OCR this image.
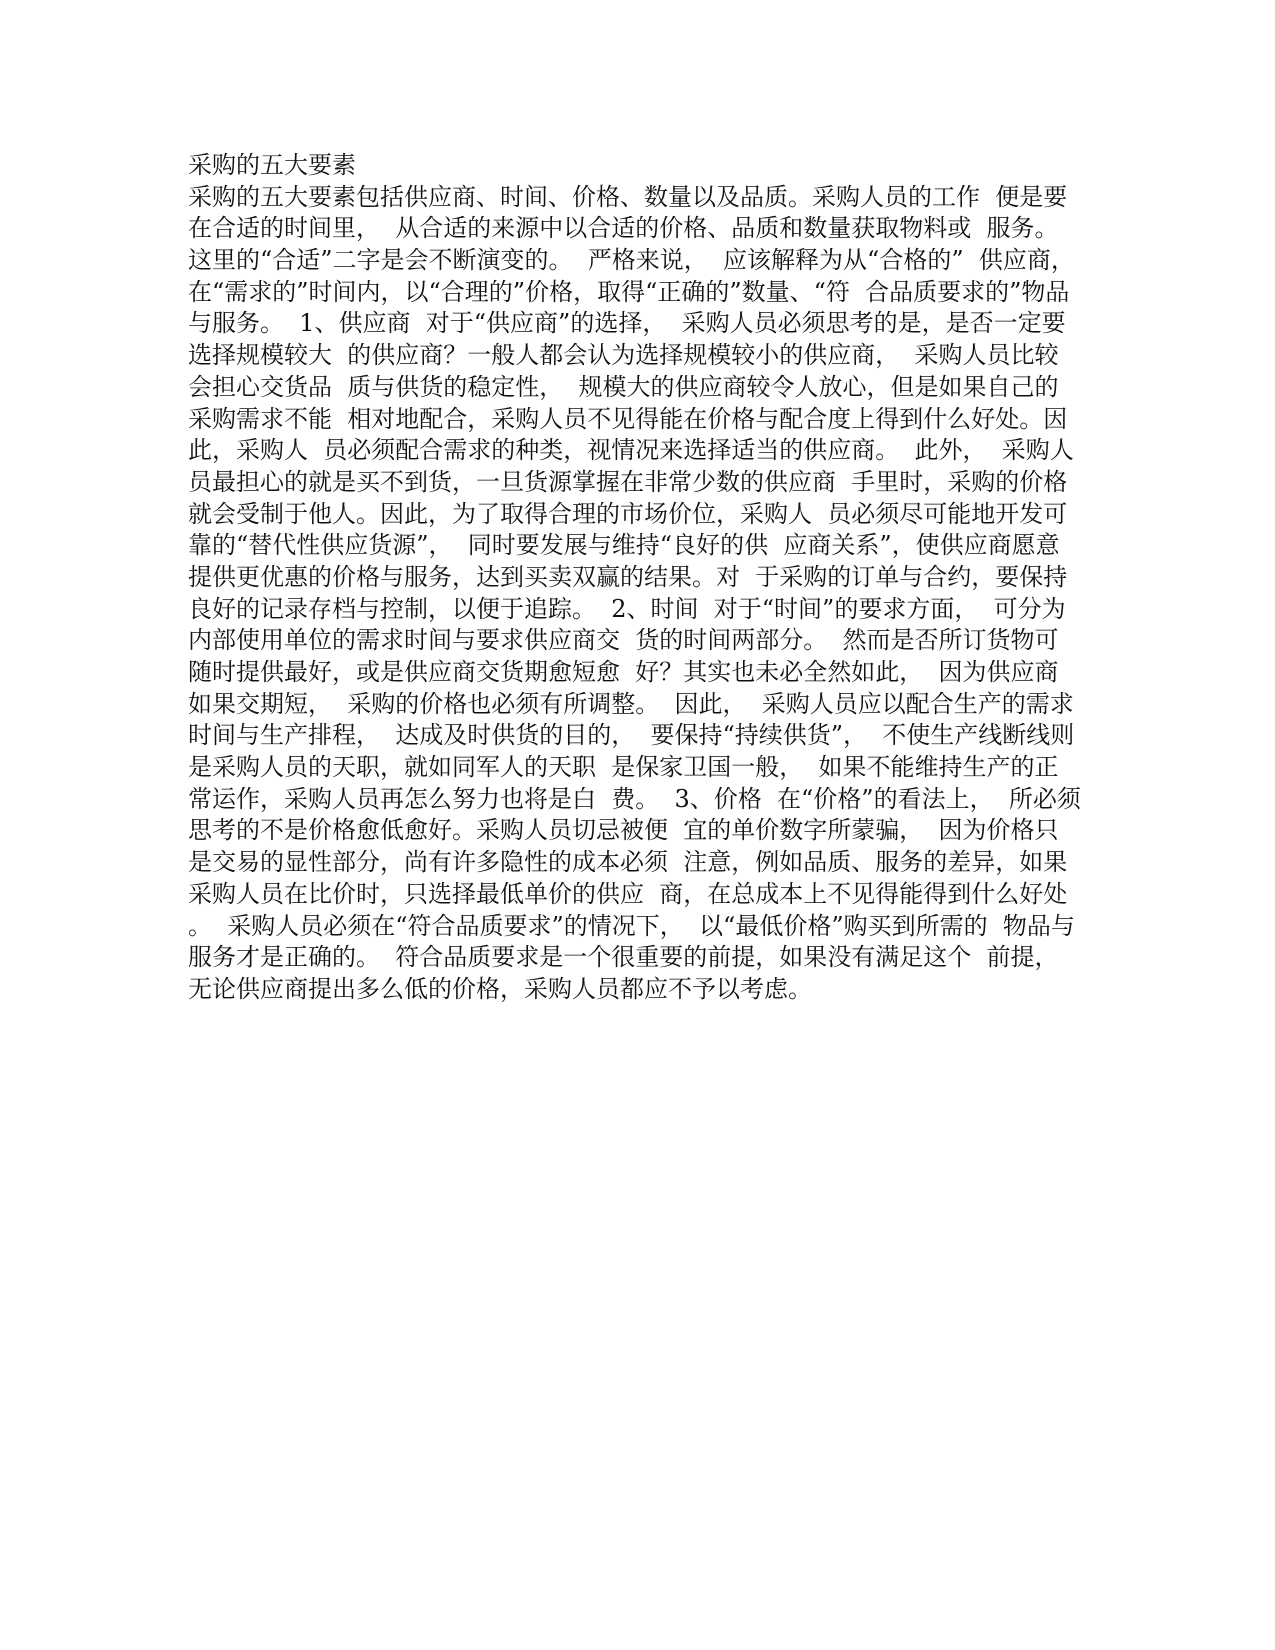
采购的五大要素
采购的五大要素包括供应商、时间、价格、数量以及品质。采购人员的工作  便是要
在合适的时间里，  从合适的来源中以合适的价格、品质和数量获取物料或  服务。
这里的“合适”二字是会不断演变的。  严格来说，  应该解释为从“合格的”  供应商，
在“需求的”时间内，以“合理的”价格，取得“正确的”数量、“符  合品质要求的”物品
与服务。  1、供应商  对于“供应商”的选择，  采购人员必须思考的是，是否一定要
选择规模较大  的供应商？一般人都会认为选择规模较小的供应商，  采购人员比较
会担心交货品  质与供货的稳定性，  规模大的供应商较令人放心，但是如果自己的
采购需求不能  相对地配合，采购人员不见得能在价格与配合度上得到什么好处。因
此，采购人  员必须配合需求的种类，视情况来选择适当的供应商。  此外，  采购人
员最担心的就是买不到货，一旦货源掌握在非常少数的供应商  手里时，采购的价格
就会受制于他人。因此，为了取得合理的市场价位，采购人  员必须尽可能地开发可
靠的“替代性供应货源”，  同时要发展与维持“良好的供  应商关系”，使供应商愿意
提供更优惠的价格与服务，达到买卖双赢的结果。对  于采购的订单与合约，要保持
良好的记录存档与控制，以便于追踪。  2、时间  对于“时间”的要求方面，  可分为
内部使用单位的需求时间与要求供应商交  货的时间两部分。  然而是否所订货物可
随时提供最好，或是供应商交货期愈短愈  好？其实也未必全然如此，  因为供应商
如果交期短，  采购的价格也必须有所调整。  因此，  采购人员应以配合生产的需求
时间与生产排程，  达成及时供货的目的，  要保持“持续供货”，  不使生产线断线则
是采购人员的天职，就如同军人的天职  是保家卫国一般，  如果不能维持生产的正
常运作，采购人员再怎么努力也将是白  费。  3、价格  在“价格”的看法上，  所必须
思考的不是价格愈低愈好。采购人员切忌被便  宜的单价数字所蒙骗，  因为价格只
是交易的显性部分，尚有许多隐性的成本必须  注意，例如品质、服务的差异，如果
采购人员在比价时，只选择最低单价的供应  商，在总成本上不见得能得到什么好处
。  采购人员必须在“符合品质要求”的情况下，  以“最低价格”购买到所需的  物品与
服务才是正确的。  符合品质要求是一个很重要的前提，如果没有满足这个  前提，
无论供应商提出多么低的价格，采购人员都应不予以考虑。
